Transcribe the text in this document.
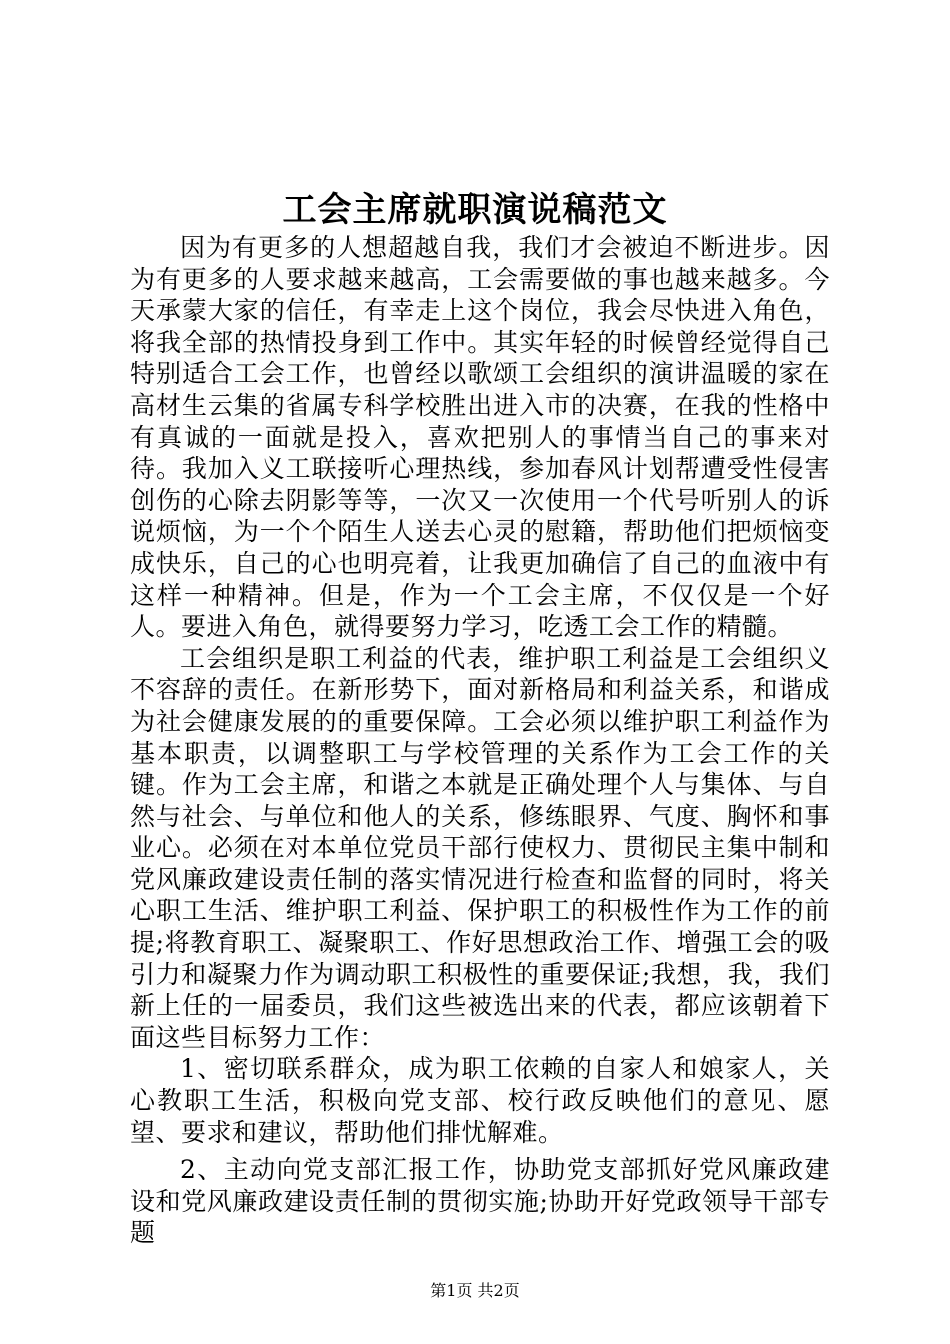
工会主席就职演说稿范文

因为有更多的人想超越自我，我们才会被迫不断进步。因为有更多的人要求越来越高，工会需要做的事也越来越多。今天承蒙大家的信任，有幸走上这个岗位，我会尽快进入角色，将我全部的热情投身到工作中。其实年轻的时候曾经觉得自己特别适合工会工作，也曾经以歌颂工会组织的演讲温暖的家在高材生云集的省属专科学校胜出进入市的决赛，在我的性格中有真诚的一面就是投入，喜欢把别人的事情当自己的事来对待。我加入义工联接听心理热线，参加春风计划帮遭受性侵害创伤的心除去阴影等等，一次又一次使用一个代号听别人的诉说烦恼，为一个个陌生人送去心灵的慰籍，帮助他们把烦恼变成快乐，自己的心也明亮着，让我更加确信了自己的血液中有这样一种精神。但是，作为一个工会主席，不仅仅是一个好人。要进入角色，就得要努力学习，吃透工会工作的精髓。

工会组织是职工利益的代表，维护职工利益是工会组织义不容辞的责任。在新形势下，面对新格局和利益关系，和谐成为社会健康发展的的重要保障。工会必须以维护职工利益作为基本职责，以调整职工与学校管理的关系作为工会工作的关键。作为工会主席，和谐之本就是正确处理个人与集体、与自然与社会、与单位和他人的关系，修练眼界、气度、胸怀和事业心。必须在对本单位党员干部行使权力、贯彻民主集中制和党风廉政建设责任制的落实情况进行检查和监督的同时，将关心职工生活、维护职工利益、保护职工的积极性作为工作的前提;将教育职工、凝聚职工、作好思想政治工作、增强工会的吸引力和凝聚力作为调动职工积极性的重要保证;我想，我，我们新上任的一届委员，我们这些被选出来的代表，都应该朝着下面这些目标努力工作：

1、密切联系群众，成为职工依赖的自家人和娘家人，关心教职工生活，积极向党支部、校行政反映他们的意见、愿望、要求和建议，帮助他们排忧解难。

2、主动向党支部汇报工作，协助党支部抓好党风廉政建设和党风廉政建设责任制的贯彻实施;协助开好党政领导干部专题

第1页 共2页
